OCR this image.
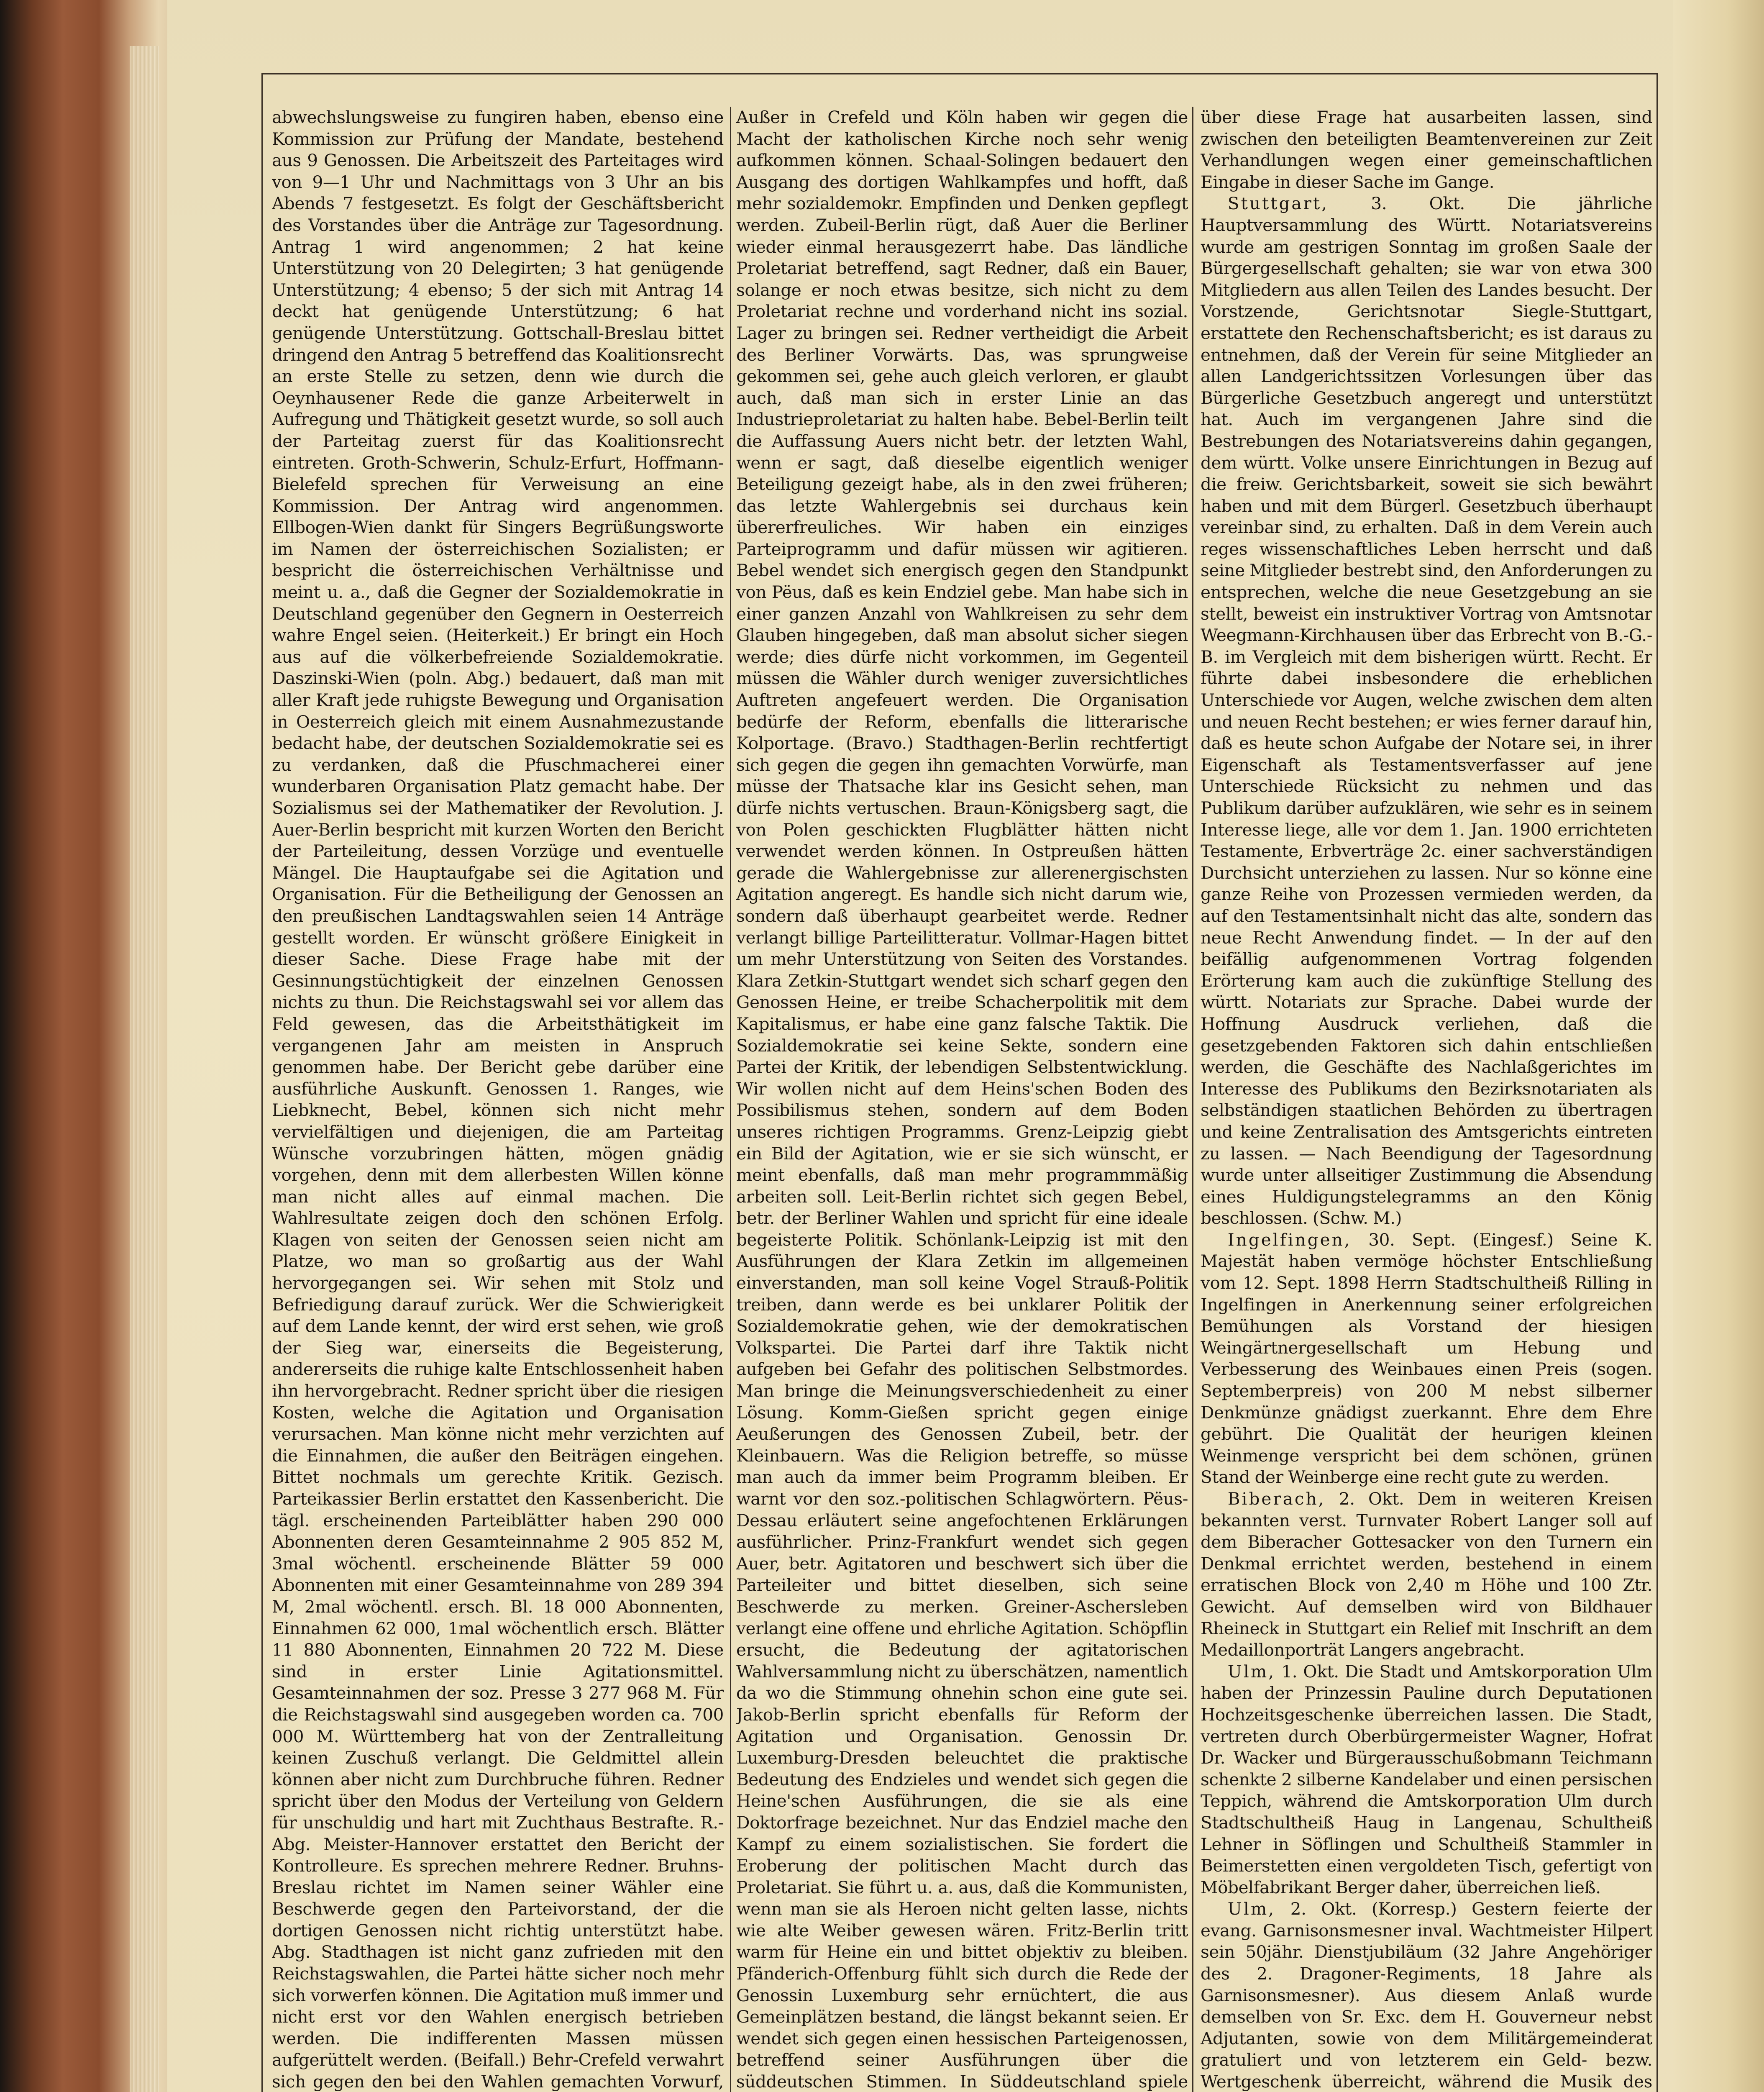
abwechslungsweise zu fungiren haben, ebenso eine Kommission zur Prüfung der Mandate, bestehend aus 9 Genossen. Die Arbeitszeit des Parteitages wird von 9—1 Uhr und Nachmittags von 3 Uhr an bis Abends 7 festgesetzt. Es folgt der Geschäftsbericht des Vorstandes über die Anträge zur Tagesordnung. Antrag 1 wird angenommen; 2 hat keine Unterstützung von 20 Delegirten; 3 hat genügende Unterstützung; 4 ebenso; 5 der sich mit Antrag 14 deckt hat genügende Unterstützung; 6 hat genügende Unterstützung. Gottschall-Breslau bittet dringend den Antrag 5 betreffend das Koalitionsrecht an erste Stelle zu setzen, denn wie durch die Oeynhausener Rede die ganze Arbeiterwelt in Aufregung und Thätigkeit gesetzt wurde, so soll auch der Parteitag zuerst für das Koalitionsrecht eintreten. Groth-Schwerin, Schulz-Erfurt, Hoffmann-Bielefeld sprechen für Verweisung an eine Kommission. Der Antrag wird angenommen. Ellbogen-Wien dankt für Singers Begrüßungsworte im Namen der österreichischen Sozialisten; er bespricht die österreichischen Verhältnisse und meint u. a., daß die Gegner der Sozialdemokratie in Deutschland gegenüber den Gegnern in Oesterreich wahre Engel seien. (Heiterkeit.) Er bringt ein Hoch aus auf die völkerbefreiende Sozialdemokratie. Daszinski-Wien (poln. Abg.) bedauert, daß man mit aller Kraft jede ruhigste Bewegung und Organisation in Oesterreich gleich mit einem Ausnahmezustande bedacht habe, der deutschen Sozialdemokratie sei es zu verdanken, daß die Pfuschmacherei einer wunderbaren Organisation Platz gemacht habe. Der Sozialismus sei der Mathematiker der Revolution. J. Auer-Berlin bespricht mit kurzen Worten den Bericht der Parteileitung, dessen Vorzüge und eventuelle Mängel. Die Hauptaufgabe sei die Agitation und Organisation. Für die Betheiligung der Genossen an den preußischen Landtagswahlen seien 14 Anträge gestellt worden. Er wünscht größere Einigkeit in dieser Sache. Diese Frage habe mit der Gesinnungstüchtigkeit der einzelnen Genossen nichts zu thun. Die Reichstagswahl sei vor allem das Feld gewesen, das die Arbeitsthätigkeit im vergangenen Jahr am meisten in Anspruch genommen habe. Der Bericht gebe darüber eine ausführliche Auskunft. Genossen 1. Ranges, wie Liebknecht, Bebel, können sich nicht mehr vervielfältigen und diejenigen, die am Parteitag Wünsche vorzubringen hätten, mögen gnädig vorgehen, denn mit dem allerbesten Willen könne man nicht alles auf einmal machen. Die Wahlresultate zeigen doch den schönen Erfolg. Klagen von seiten der Genossen seien nicht am Platze, wo man so großartig aus der Wahl hervorgegangen sei. Wir sehen mit Stolz und Befriedigung darauf zurück. Wer die Schwierigkeit auf dem Lande kennt, der wird erst sehen, wie groß der Sieg war, einerseits die Begeisterung, andererseits die ruhige kalte Entschlossenheit haben ihn hervorgebracht. Redner spricht über die riesigen Kosten, welche die Agitation und Organisation verursachen. Man könne nicht mehr verzichten auf die Einnahmen, die außer den Beiträgen eingehen. Bittet nochmals um gerechte Kritik. Gezisch. Parteikassier Berlin erstattet den Kassenbericht. Die tägl. erscheinenden Parteiblätter haben 290 000 Abonnenten deren Gesamteinnahme 2 905 852 M, 3mal wöchentl. erscheinende Blätter 59 000 Abonnenten mit einer Gesamteinnahme von 289 394 M, 2mal wöchentl. ersch. Bl. 18 000 Abonnenten, Einnahmen 62 000, 1mal wöchentlich ersch. Blätter 11 880 Abonnenten, Einnahmen 20 722 M. Diese sind in erster Linie Agitationsmittel. Gesamteinnahmen der soz. Presse 3 277 968 M. Für die Reichstagswahl sind ausgegeben worden ca. 700 000 M. Württemberg hat von der Zentralleitung keinen Zuschuß verlangt. Die Geldmittel allein können aber nicht zum Durchbruche führen. Redner spricht über den Modus der Verteilung von Geldern für unschuldig und hart mit Zuchthaus Bestrafte. R.-Abg. Meister-Hannover erstattet den Bericht der Kontrolleure. Es sprechen mehrere Redner. Bruhns-Breslau richtet im Namen seiner Wähler eine Beschwerde gegen den Parteivorstand, der die dortigen Genossen nicht richtig unterstützt habe. Abg. Stadthagen ist nicht ganz zufrieden mit den Reichstagswahlen, die Partei hätte sicher noch mehr sich vorwerfen können. Die Agitation muß immer und nicht erst vor den Wahlen energisch betrieben werden. Die indifferenten Massen müssen aufgerüttelt werden. (Beifall.) Behr-Crefeld verwahrt sich gegen den bei den Wahlen gemachten Vorwurf,

Außer in Crefeld und Köln haben wir gegen die Macht der katholischen Kirche noch sehr wenig aufkommen können. Schaal-Solingen bedauert den Ausgang des dortigen Wahlkampfes und hofft, daß mehr sozialdemokr. Empfinden und Denken gepflegt werden. Zubeil-Berlin rügt, daß Auer die Berliner wieder einmal herausgezerrt habe. Das ländliche Proletariat betreffend, sagt Redner, daß ein Bauer, solange er noch etwas besitze, sich nicht zu dem Proletariat rechne und vorderhand nicht ins sozial. Lager zu bringen sei. Redner vertheidigt die Arbeit des Berliner Vorwärts. Das, was sprungweise gekommen sei, gehe auch gleich verloren, er glaubt auch, daß man sich in erster Linie an das Industrieproletariat zu halten habe. Bebel-Berlin teilt die Auffassung Auers nicht betr. der letzten Wahl, wenn er sagt, daß dieselbe eigentlich weniger Beteiligung gezeigt habe, als in den zwei früheren; das letzte Wahlergebnis sei durchaus kein übererfreuliches. Wir haben ein einziges Parteiprogramm und dafür müssen wir agitieren. Bebel wendet sich energisch gegen den Standpunkt von Pëus, daß es kein Endziel gebe. Man habe sich in einer ganzen Anzahl von Wahlkreisen zu sehr dem Glauben hingegeben, daß man absolut sicher siegen werde; dies dürfe nicht vorkommen, im Gegenteil müssen die Wähler durch weniger zuversichtliches Auftreten angefeuert werden. Die Organisation bedürfe der Reform, ebenfalls die litterarische Kolportage. (Bravo.) Stadthagen-Berlin rechtfertigt sich gegen die gegen ihn gemachten Vorwürfe, man müsse der Thatsache klar ins Gesicht sehen, man dürfe nichts vertuschen. Braun-Königsberg sagt, die von Polen geschickten Flugblätter hätten nicht verwendet werden können. In Ostpreußen hätten gerade die Wahlergebnisse zur allerenergischsten Agitation angeregt. Es handle sich nicht darum wie, sondern daß überhaupt gearbeitet werde. Redner verlangt billige Parteilitteratur. Vollmar-Hagen bittet um mehr Unterstützung von Seiten des Vorstandes. Klara Zetkin-Stuttgart wendet sich scharf gegen den Genossen Heine, er treibe Schacherpolitik mit dem Kapitalismus, er habe eine ganz falsche Taktik. Die Sozialdemokratie sei keine Sekte, sondern eine Partei der Kritik, der lebendigen Selbstentwicklung. Wir wollen nicht auf dem Heins'schen Boden des Possibilismus stehen, sondern auf dem Boden unseres richtigen Programms. Grenz-Leipzig giebt ein Bild der Agitation, wie er sie sich wünscht, er meint ebenfalls, daß man mehr programmmäßig arbeiten soll. Leit-Berlin richtet sich gegen Bebel, betr. der Berliner Wahlen und spricht für eine ideale begeisterte Politik. Schönlank-Leipzig ist mit den Ausführungen der Klara Zetkin im allgemeinen einverstanden, man soll keine Vogel Strauß-Politik treiben, dann werde es bei unklarer Politik der Sozialdemokratie gehen, wie der demokratischen Volkspartei. Die Partei darf ihre Taktik nicht aufgeben bei Gefahr des politischen Selbstmordes. Man bringe die Meinungsverschiedenheit zu einer Lösung. Komm-Gießen spricht gegen einige Aeußerungen des Genossen Zubeil, betr. der Kleinbauern. Was die Religion betreffe, so müsse man auch da immer beim Programm bleiben. Er warnt vor den soz.-politischen Schlagwörtern. Pëus-Dessau erläutert seine angefochtenen Erklärungen ausführlicher. Prinz-Frankfurt wendet sich gegen Auer, betr. Agitatoren und beschwert sich über die Parteileiter und bittet dieselben, sich seine Beschwerde zu merken. Greiner-Aschersleben verlangt eine offene und ehrliche Agitation. Schöpflin ersucht, die Bedeutung der agitatorischen Wahlversammlung nicht zu überschätzen, namentlich da wo die Stimmung ohnehin schon eine gute sei. Jakob-Berlin spricht ebenfalls für Reform der Agitation und Organisation. Genossin Dr. Luxemburg-Dresden beleuchtet die praktische Bedeutung des Endzieles und wendet sich gegen die Heine'schen Ausführungen, die sie als eine Doktorfrage bezeichnet. Nur das Endziel mache den Kampf zu einem sozialistischen. Sie fordert die Eroberung der politischen Macht durch das Proletariat. Sie führt u. a. aus, daß die Kommunisten, wenn man sie als Heroen nicht gelten lasse, nichts wie alte Weiber gewesen wären. Fritz-Berlin tritt warm für Heine ein und bittet objektiv zu bleiben. Pfänderich-Offenburg fühlt sich durch die Rede der Genossin Luxemburg sehr ernüchtert, die aus Gemeinplätzen bestand, die längst bekannt seien. Er wendet sich gegen einen hessischen Parteigenossen, betreffend seiner Ausführungen über die süddeutschen Stimmen. In Süddeutschland spiele

über diese Frage hat ausarbeiten lassen, sind zwischen den beteiligten Beamtenvereinen zur Zeit Verhandlungen wegen einer gemeinschaftlichen Eingabe in dieser Sache im Gange.

Stuttgart,	3. Okt. Die jährliche Hauptversammlung des Württ. Notariatsvereins wurde am gestrigen Sonntag im großen Saale der Bürgergesellschaft gehalten; sie war von etwa 300 Mitgliedern aus allen Teilen des Landes besucht. Der Vorstzende, Gerichtsnotar Siegle-Stuttgart, erstattete den Rechenschaftsbericht; es ist daraus zu entnehmen, daß der Verein für seine Mitglieder an allen Landgerichtssitzen Vorlesungen über das Bürgerliche Gesetzbuch angeregt und unterstützt hat. Auch im vergangenen Jahre sind die Bestrebungen des Notariatsvereins dahin gegangen, dem württ. Volke unsere Einrichtungen in Bezug auf die freiw. Gerichtsbarkeit, soweit sie sich bewährt haben und mit dem Bürgerl. Gesetzbuch überhaupt vereinbar sind, zu erhalten. Daß in dem Verein auch reges wissenschaftliches Leben herrscht und daß seine Mitglieder bestrebt sind, den Anforderungen zu entsprechen, welche die neue Gesetzgebung an sie stellt, beweist ein instruktiver Vortrag von Amtsnotar Weegmann-Kirchhausen über das Erbrecht von B.-G.-B. im Vergleich mit dem bisherigen württ. Recht. Er führte dabei insbesondere die erheblichen Unterschiede vor Augen, welche zwischen dem alten und neuen Recht bestehen; er wies ferner darauf hin, daß es heute schon Aufgabe der Notare sei, in ihrer Eigenschaft als Testamentsverfasser auf jene Unterschiede Rücksicht zu nehmen und das Publikum darüber aufzuklären, wie sehr es in seinem Interesse liege, alle vor dem 1. Jan. 1900 errichteten Testamente, Erbverträge 2c. einer sachverständigen Durchsicht unterziehen zu lassen. Nur so könne eine ganze Reihe von Prozessen vermieden werden, da auf den Testamentsinhalt nicht das alte, sondern das neue Recht Anwendung findet. — In der auf den beifällig aufgenommenen Vortrag folgenden Erörterung kam auch die zukünftige Stellung des württ. Notariats zur Sprache. Dabei wurde der Hoffnung Ausdruck verliehen, daß die gesetzgebenden Faktoren sich dahin entschließen werden, die Geschäfte des Nachlaßgerichtes im Interesse des Publikums den Bezirksnotariaten als selbständigen staatlichen Behörden zu übertragen und keine Zentralisation des Amtsgerichts eintreten zu lassen. — Nach Beendigung der Tagesordnung wurde unter allseitiger Zustimmung die Absendung eines Huldigungstelegramms an den König beschlossen. (Schw. M.)

Ingelfingen, 30. Sept. (Eingesf.) Seine K. Majestät haben vermöge höchster Entschließung vom 12. Sept. 1898 Herrn Stadtschultheiß Rilling in Ingelfingen in Anerkennung seiner erfolgreichen Bemühungen als Vorstand der hiesigen Weingärtnergesellschaft um Hebung und Verbesserung des Weinbaues einen Preis (sogen. Septemberpreis) von 200 M nebst silberner Denkmünze gnädigst zuerkannt. Ehre dem Ehre gebührt. Die Qualität der heurigen kleinen Weinmenge verspricht bei dem schönen, grünen Stand der Weinberge eine recht gute zu werden.

Biberach, 2. Okt. Dem in weiteren Kreisen bekannten verst. Turnvater Robert Langer soll auf dem Biberacher Gottesacker von den Turnern ein Denkmal errichtet werden, bestehend in einem erratischen Block von 2,40 m Höhe und 100 Ztr. Gewicht. Auf demselben wird von Bildhauer Rheineck in Stuttgart ein Relief mit Inschrift an dem Medaillonporträt Langers angebracht.

Ulm, 1. Okt. Die Stadt und Amtskorporation Ulm haben der Prinzessin Pauline durch Deputationen Hochzeitsgeschenke überreichen lassen. Die Stadt, vertreten durch Oberbürgermeister Wagner, Hofrat Dr. Wacker und Bürgerausschußobmann Teichmann schenkte 2 silberne Kandelaber und einen persischen Teppich, während die Amtskorporation Ulm durch Stadtschultheiß Haug in Langenau, Schultheiß Lehner in Söflingen und Schultheiß Stammler in Beimerstetten einen vergoldeten Tisch, gefertigt von Möbelfabrikant Berger daher, überreichen ließ.

Ulm, 2. Okt. (Korresp.) Gestern feierte der evang. Garnisonsmesner inval. Wachtmeister Hilpert sein 50jähr. Dienstjubiläum (32 Jahre Angehöriger des 2. Dragoner-Regiments, 18 Jahre als Garnisonsmesner). Aus diesem Anlaß wurde demselben von Sr. Exc. dem H. Gouverneur nebst Adjutanten, sowie von dem Militärgemeinderat gratuliert und von letzterem ein Geld- bezw. Wertgeschenk überreicht, während die Musik des
